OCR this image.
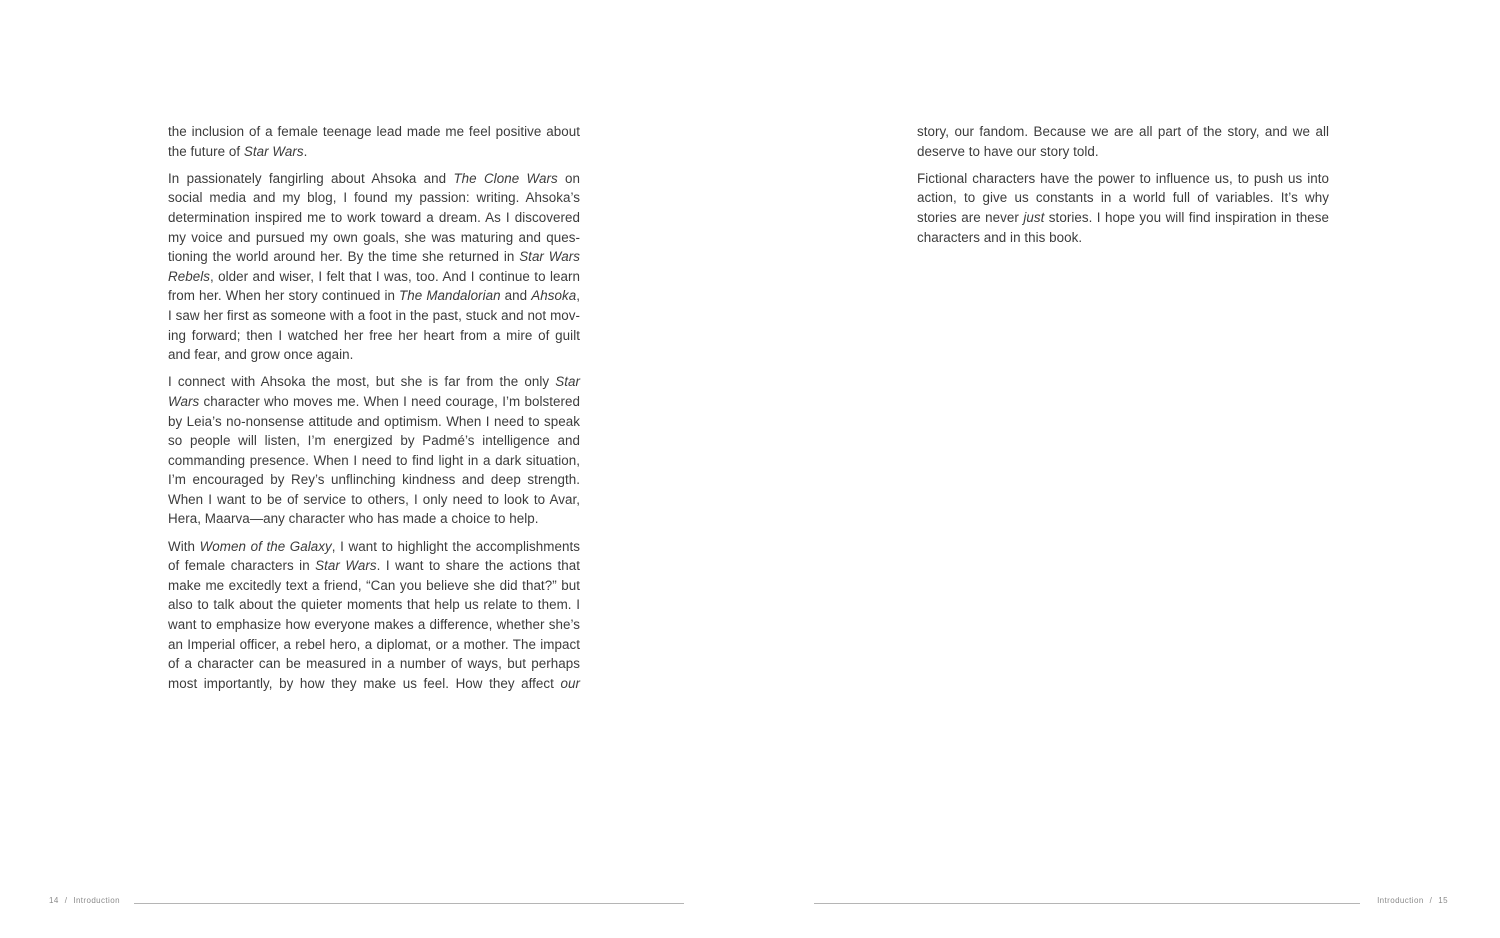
the inclusion of a female teenage lead made me feel positive about the future of Star Wars.

In passionately fangirling about Ahsoka and The Clone Wars on social media and my blog, I found my passion: writing. Ahsoka’s determination inspired me to work toward a dream. As I discovered my voice and pursued my own goals, she was maturing and questioning the world around her. By the time she returned in Star Wars Rebels, older and wiser, I felt that I was, too. And I continue to learn from her. When her story continued in The Mandalorian and Ahsoka, I saw her first as someone with a foot in the past, stuck and not moving forward; then I watched her free her heart from a mire of guilt and fear, and grow once again.

I connect with Ahsoka the most, but she is far from the only Star Wars character who moves me. When I need courage, I’m bolstered by Leia’s no-nonsense attitude and optimism. When I need to speak so people will listen, I’m energized by Padmé’s intelligence and commanding presence. When I need to find light in a dark situation, I’m encouraged by Rey’s unflinching kindness and deep strength. When I want to be of service to others, I only need to look to Avar, Hera, Maarva—any character who has made a choice to help.

With Women of the Galaxy, I want to highlight the accomplishments of female characters in Star Wars. I want to share the actions that make me excitedly text a friend, “Can you believe she did that?” but also to talk about the quieter moments that help us relate to them. I want to emphasize how everyone makes a difference, whether she’s an Imperial officer, a rebel hero, a diplomat, or a mother. The impact of a character can be measured in a number of ways, but perhaps most importantly, by how they make us feel. How they affect our

14 / Introduction

story, our fandom. Because we are all part of the story, and we all deserve to have our story told.

Fictional characters have the power to influence us, to push us into action, to give us constants in a world full of variables. It’s why stories are never just stories. I hope you will find inspiration in these characters and in this book.

Introduction / 15
